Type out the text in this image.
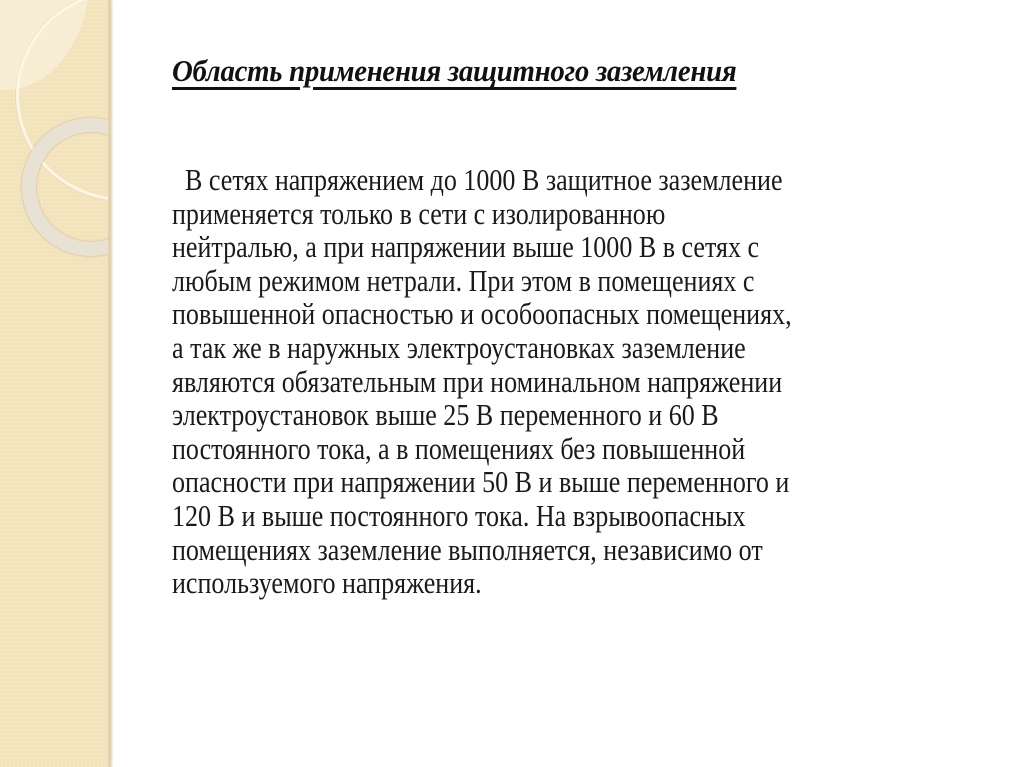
Область применения защитного заземления
В сетях напряжением до 1000 В защитное заземление
применяется только в сети с изолированною
нейтралью, а при напряжении выше 1000 В в сетях с
любым режимом нетрали. При этом в помещениях с
повышенной опасностью и особоопасных помещениях,
а так же в наружных электроустановках заземление
являются обязательным при номинальном напряжении
электроустановок выше 25 В переменного и 60 В
постоянного тока, а в помещениях без повышенной
опасности при напряжении 50 В и выше переменного и
120 В и выше постоянного тока. На взрывоопасных
помещениях заземление выполняется, независимо от
используемого напряжения.
